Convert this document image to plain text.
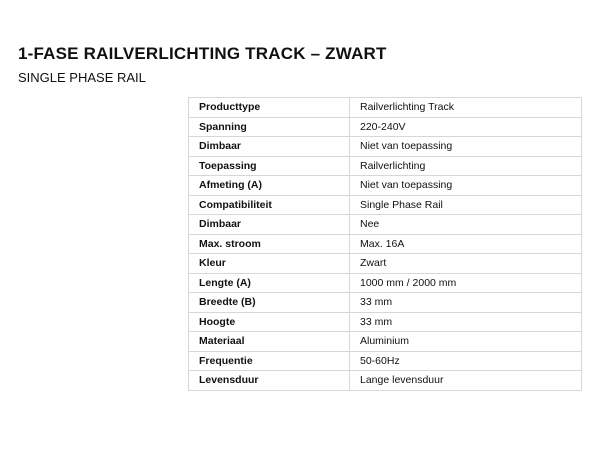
1-FASE RAILVERLICHTING TRACK – ZWART
SINGLE PHASE RAIL
Producttype	Railverlichting Track
Spanning	220-240V
Dimbaar	Niet van toepassing
Toepassing	Railverlichting
Afmeting (A)	Niet van toepassing
Compatibiliteit	Single Phase Rail
Dimbaar	Nee
Max. stroom	Max. 16A
Kleur	Zwart
Lengte (A)	1000 mm / 2000 mm
Breedte (B)	33 mm
Hoogte	33 mm
Materiaal	Aluminium
Frequentie	50-60Hz
Levensduur	Lange levensduur
